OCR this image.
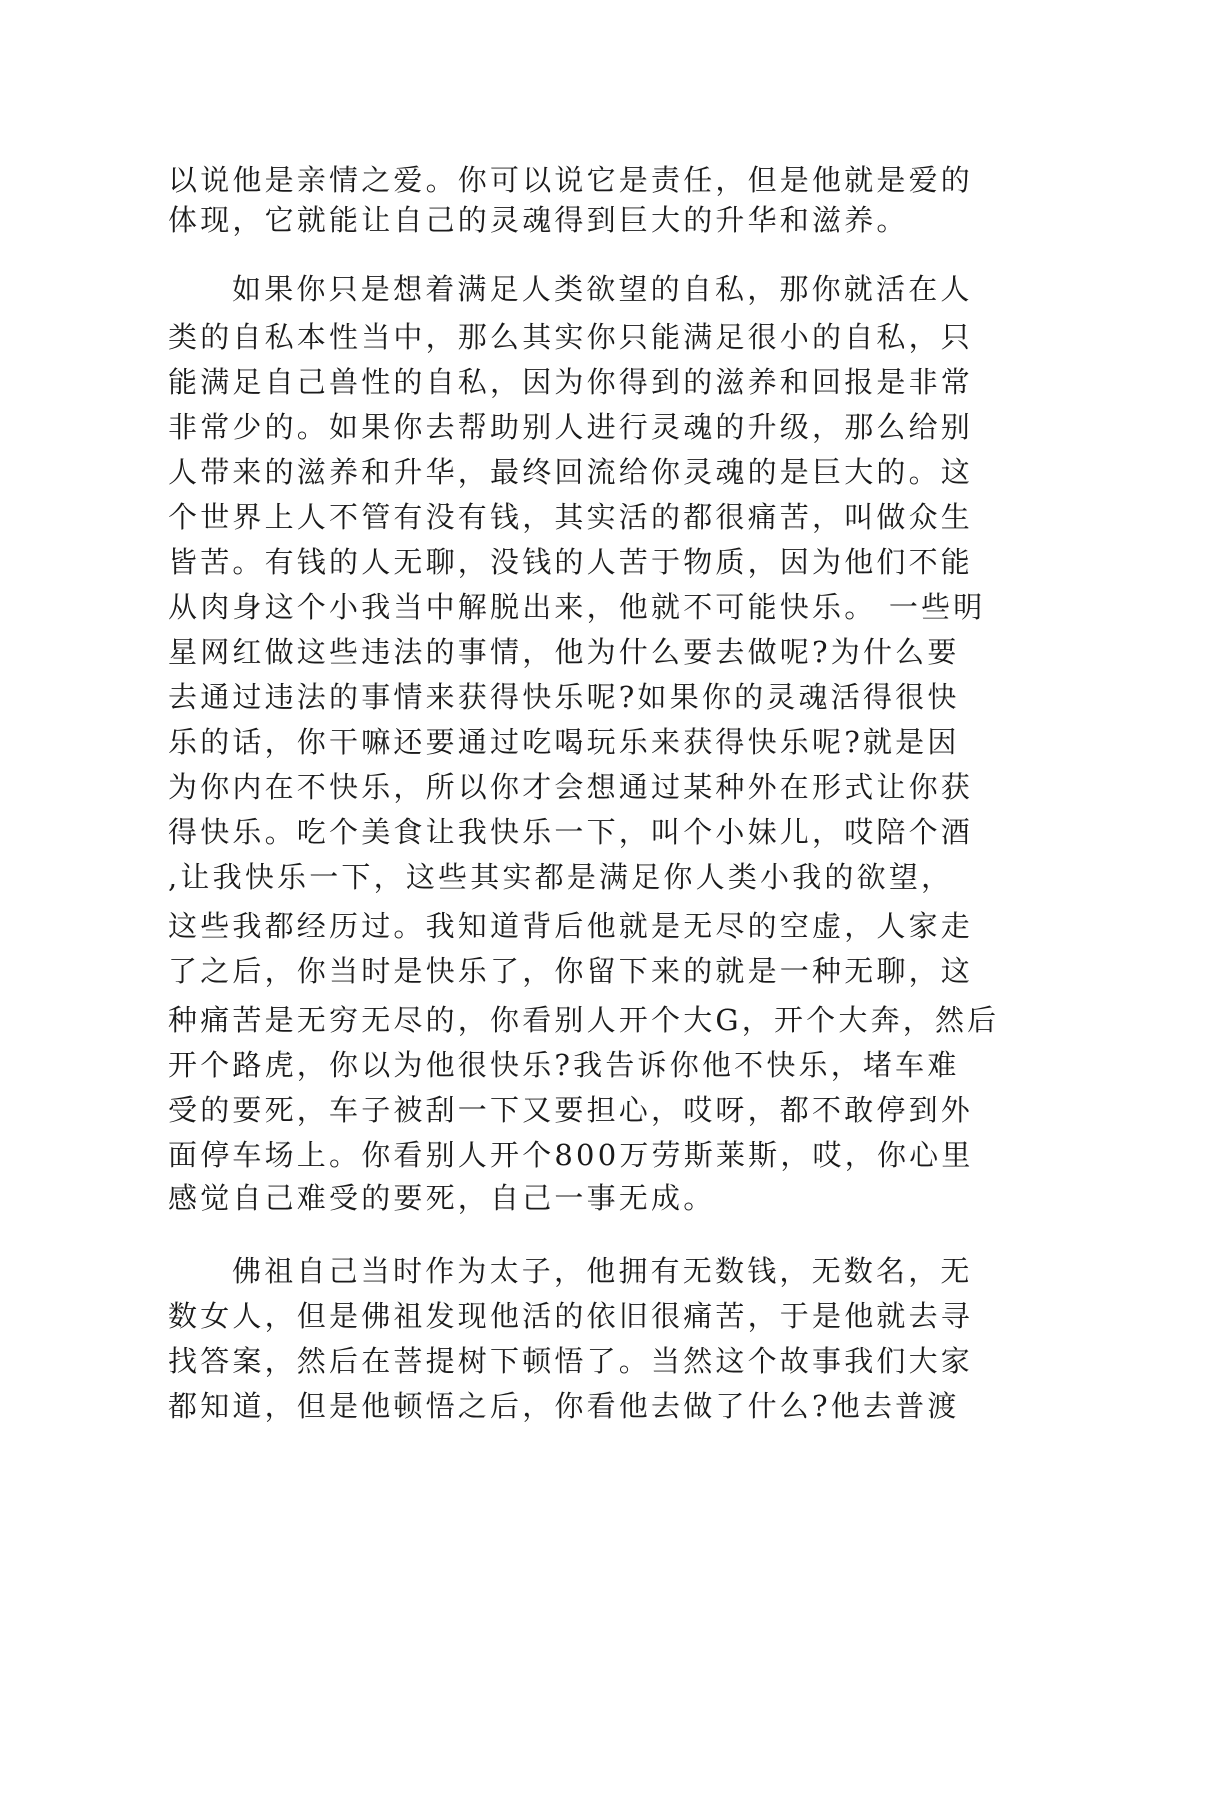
以说他是亲情之爱。你可以说它是责任，但是他就是爱的
体现，它就能让自己的灵魂得到巨大的升华和滋养。
如果你只是想着满足人类欲望的自私，那你就活在人
类的自私本性当中，那么其实你只能满足很小的自私，只
能满足自己兽性的自私，因为你得到的滋养和回报是非常
非常少的。如果你去帮助别人进行灵魂的升级，那么给别
人带来的滋养和升华，最终回流给你灵魂的是巨大的。这
个世界上人不管有没有钱，其实活的都很痛苦，叫做众生
皆苦。有钱的人无聊，没钱的人苦于物质，因为他们不能
从肉身这个小我当中解脱出来，他就不可能快乐。 一些明
星网红做这些违法的事情，他为什么要去做呢?为什么要
去通过违法的事情来获得快乐呢?如果你的灵魂活得很快
乐的话，你干嘛还要通过吃喝玩乐来获得快乐呢?就是因
为你内在不快乐，所以你才会想通过某种外在形式让你获
得快乐。吃个美食让我快乐一下，叫个小妹儿，哎陪个酒
,让我快乐一下，这些其实都是满足你人类小我的欲望，
这些我都经历过。我知道背后他就是无尽的空虚，人家走
了之后，你当时是快乐了，你留下来的就是一种无聊，这
种痛苦是无穷无尽的，你看别人开个大G，开个大奔，然后
开个路虎，你以为他很快乐?我告诉你他不快乐，堵车难
受的要死，车子被刮一下又要担心，哎呀，都不敢停到外
面停车场上。你看别人开个800万劳斯莱斯，哎，你心里
感觉自己难受的要死，自己一事无成。
佛祖自己当时作为太子，他拥有无数钱，无数名，无
数女人，但是佛祖发现他活的依旧很痛苦，于是他就去寻
找答案，然后在菩提树下顿悟了。当然这个故事我们大家
都知道，但是他顿悟之后，你看他去做了什么?他去普渡
